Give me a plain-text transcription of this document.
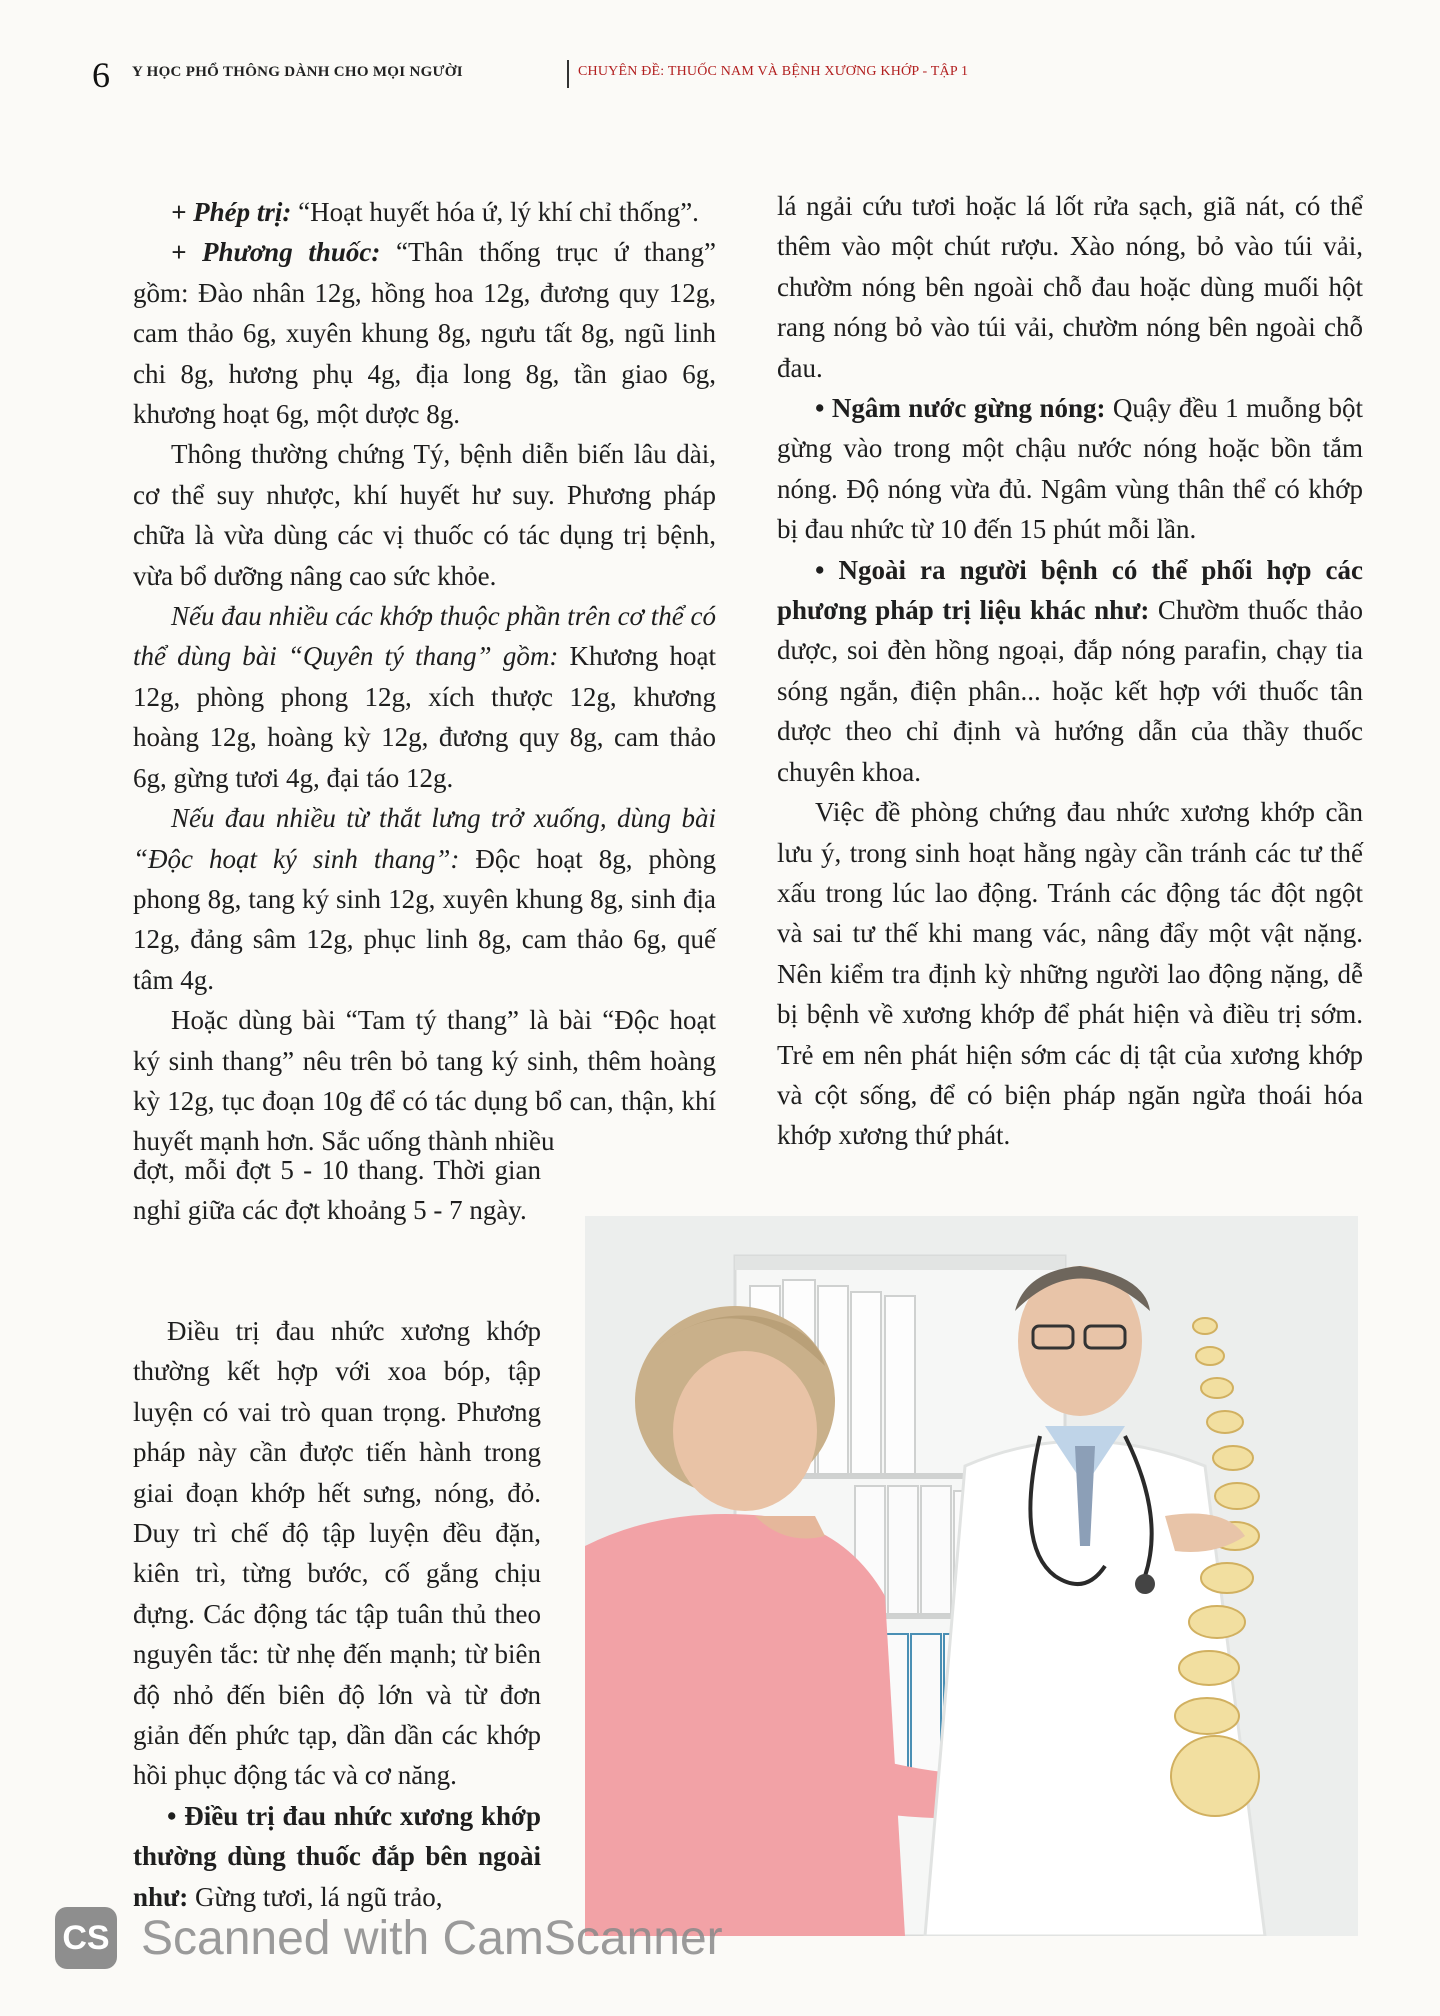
6 Y HỌC PHỔ THÔNG DÀNH CHO MỌI NGƯỜI	CHUYÊN ĐỀ: THUỐC NAM VÀ BỆNH XƯƠNG KHỚP - TẬP 1

+ Phép trị: “Hoạt huyết hóa ứ, lý khí chỉ thống”.

+ Phương thuốc: “Thân thống trục ứ thang” gồm: Đào nhân 12g, hồng hoa 12g, đương quy 12g, cam thảo 6g, xuyên khung 8g, ngưu tất 8g, ngũ linh chi 8g, hương phụ 4g, địa long 8g, tần giao 6g, khương hoạt 6g, một dược 8g.

Thông thường chứng Tý, bệnh diễn biến lâu dài, cơ thể suy nhược, khí huyết hư suy. Phương pháp chữa là vừa dùng các vị thuốc có tác dụng trị bệnh, vừa bổ dưỡng nâng cao sức khỏe.

Nếu đau nhiều các khớp thuộc phần trên cơ thể có thể dùng bài “Quyên tý thang” gồm: Khương hoạt 12g, phòng phong 12g, xích thược 12g, khương hoàng 12g, hoàng kỳ 12g, đương quy 8g, cam thảo 6g, gừng tươi 4g, đại táo 12g.

Nếu đau nhiều từ thắt lưng trở xuống, dùng bài “Độc hoạt ký sinh thang”: Độc hoạt 8g, phòng phong 8g, tang ký sinh 12g, xuyên khung 8g, sinh địa 12g, đảng sâm 12g, phục linh 8g, cam thảo 6g, quế tâm 4g.

Hoặc dùng bài “Tam tý thang” là bài “Độc hoạt ký sinh thang” nêu trên bỏ tang ký sinh, thêm hoàng kỳ 12g, tục đoạn 10g để có tác dụng bổ can, thận, khí huyết mạnh hơn. Sắc uống thành nhiều

đợt, mỗi đợt 5 - 10 thang. Thời gian nghỉ giữa các đợt khoảng 5 - 7 ngày.

Điều trị đau nhức xương khớp thường kết hợp với xoa bóp, tập luyện có vai trò quan trọng. Phương pháp này cần được tiến hành trong giai đoạn khớp hết sưng, nóng, đỏ. Duy trì chế độ tập luyện đều đặn, kiên trì, từng bước, cố gắng chịu đựng. Các động tác tập tuân thủ theo nguyên tắc: từ nhẹ đến mạnh; từ biên độ nhỏ đến biên độ lớn và từ đơn giản đến phức tạp, dần dần các khớp hồi phục động tác và cơ năng.

• Điều trị đau nhức xương khớp thường dùng thuốc đắp bên ngoài như: Gừng tươi, lá ngũ trảo,

lá ngải cứu tươi hoặc lá lốt rửa sạch, giã nát, có thể thêm vào một chút rượu. Xào nóng, bỏ vào túi vải, chườm nóng bên ngoài chỗ đau hoặc dùng muối hột rang nóng bỏ vào túi vải, chườm nóng bên ngoài chỗ đau.

• Ngâm nước gừng nóng: Quậy đều 1 muỗng bột gừng vào trong một chậu nước nóng hoặc bồn tắm nóng. Độ nóng vừa đủ. Ngâm vùng thân thể có khớp bị đau nhức từ 10 đến 15 phút mỗi lần.

• Ngoài ra người bệnh có thể phối hợp các phương pháp trị liệu khác như: Chườm thuốc thảo dược, soi đèn hồng ngoại, đắp nóng parafin, chạy tia sóng ngắn, điện phân... hoặc kết hợp với thuốc tân dược theo chỉ định và hướng dẫn của thầy thuốc chuyên khoa.

Việc đề phòng chứng đau nhức xương khớp cần lưu ý, trong sinh hoạt hằng ngày cần tránh các tư thế xấu trong lúc lao động. Tránh các động tác đột ngột và sai tư thế khi mang vác, nâng đẩy một vật nặng. Nên kiểm tra định kỳ những người lao động nặng, dễ bị bệnh về xương khớp để phát hiện và điều trị sớm. Trẻ em nên phát hiện sớm các dị tật của xương khớp và cột sống, để có biện pháp ngăn ngừa thoái hóa khớp xương thứ phát.

CS Scanned with CamScanner
